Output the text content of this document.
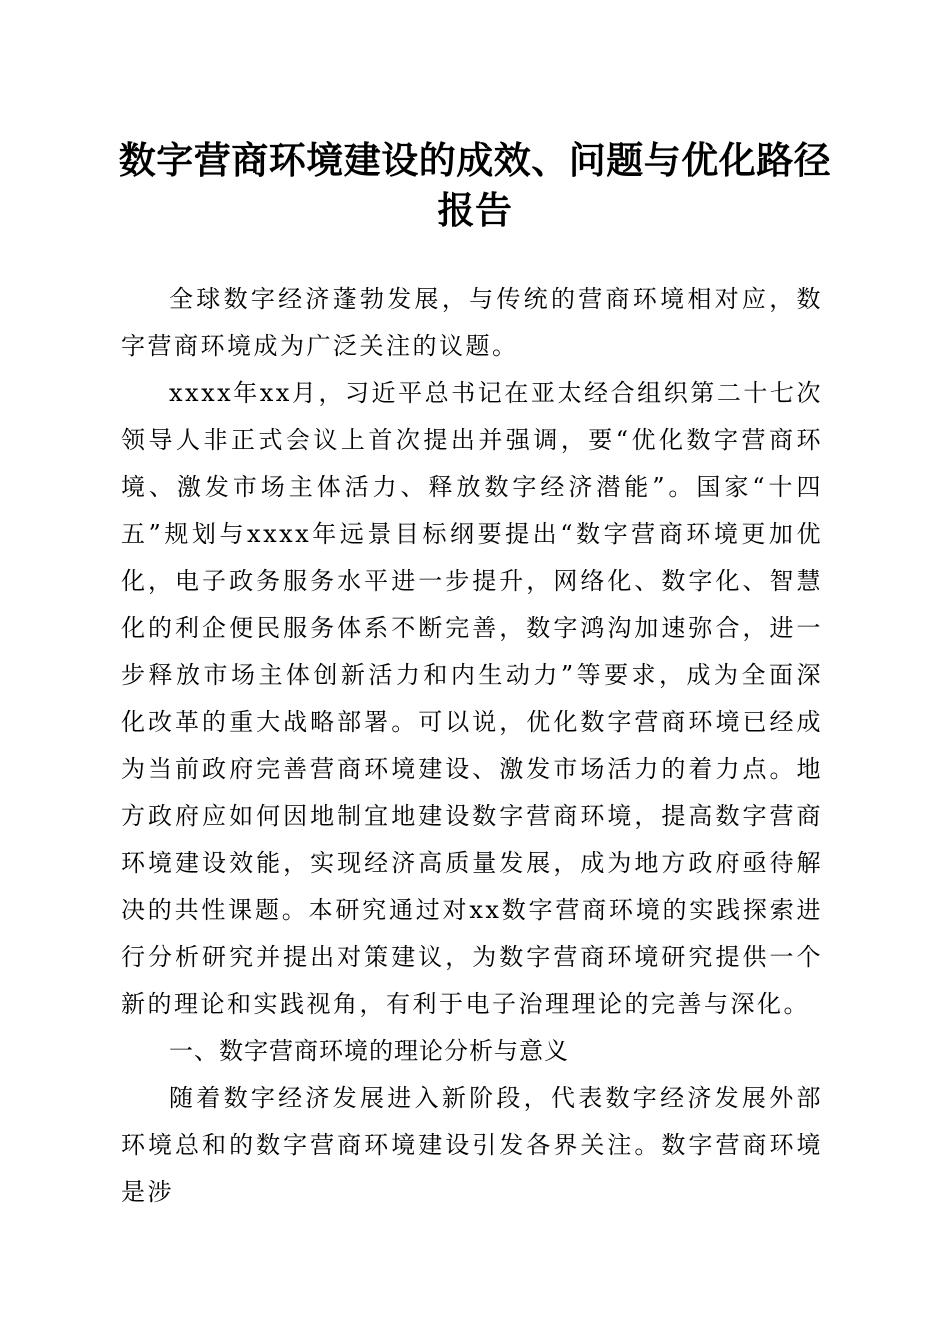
数字营商环境建设的成效、问题与优化路径报告

全球数字经济蓬勃发展，与传统的营商环境相对应，数字营商环境成为广泛关注的议题。

xxxx年xx月，习近平总书记在亚太经合组织第二十七次领导人非正式会议上首次提出并强调，要“优化数字营商环境、激发市场主体活力、释放数字经济潜能”。国家“十四五”规划与xxxx年远景目标纲要提出“数字营商环境更加优化，电子政务服务水平进一步提升，网络化、数字化、智慧化的利企便民服务体系不断完善，数字鸿沟加速弥合，进一步释放市场主体创新活力和内生动力”等要求，成为全面深化改革的重大战略部署。可以说，优化数字营商环境已经成为当前政府完善营商环境建设、激发市场活力的着力点。地方政府应如何因地制宜地建设数字营商环境，提高数字营商环境建设效能，实现经济高质量发展，成为地方政府亟待解决的共性课题。本研究通过对xx数字营商环境的实践探索进行分析研究并提出对策建议，为数字营商环境研究提供一个新的理论和实践视角，有利于电子治理理论的完善与深化。

一、数字营商环境的理论分析与意义

随着数字经济发展进入新阶段，代表数字经济发展外部环境总和的数字营商环境建设引发各界关注。数字营商环境是涉
